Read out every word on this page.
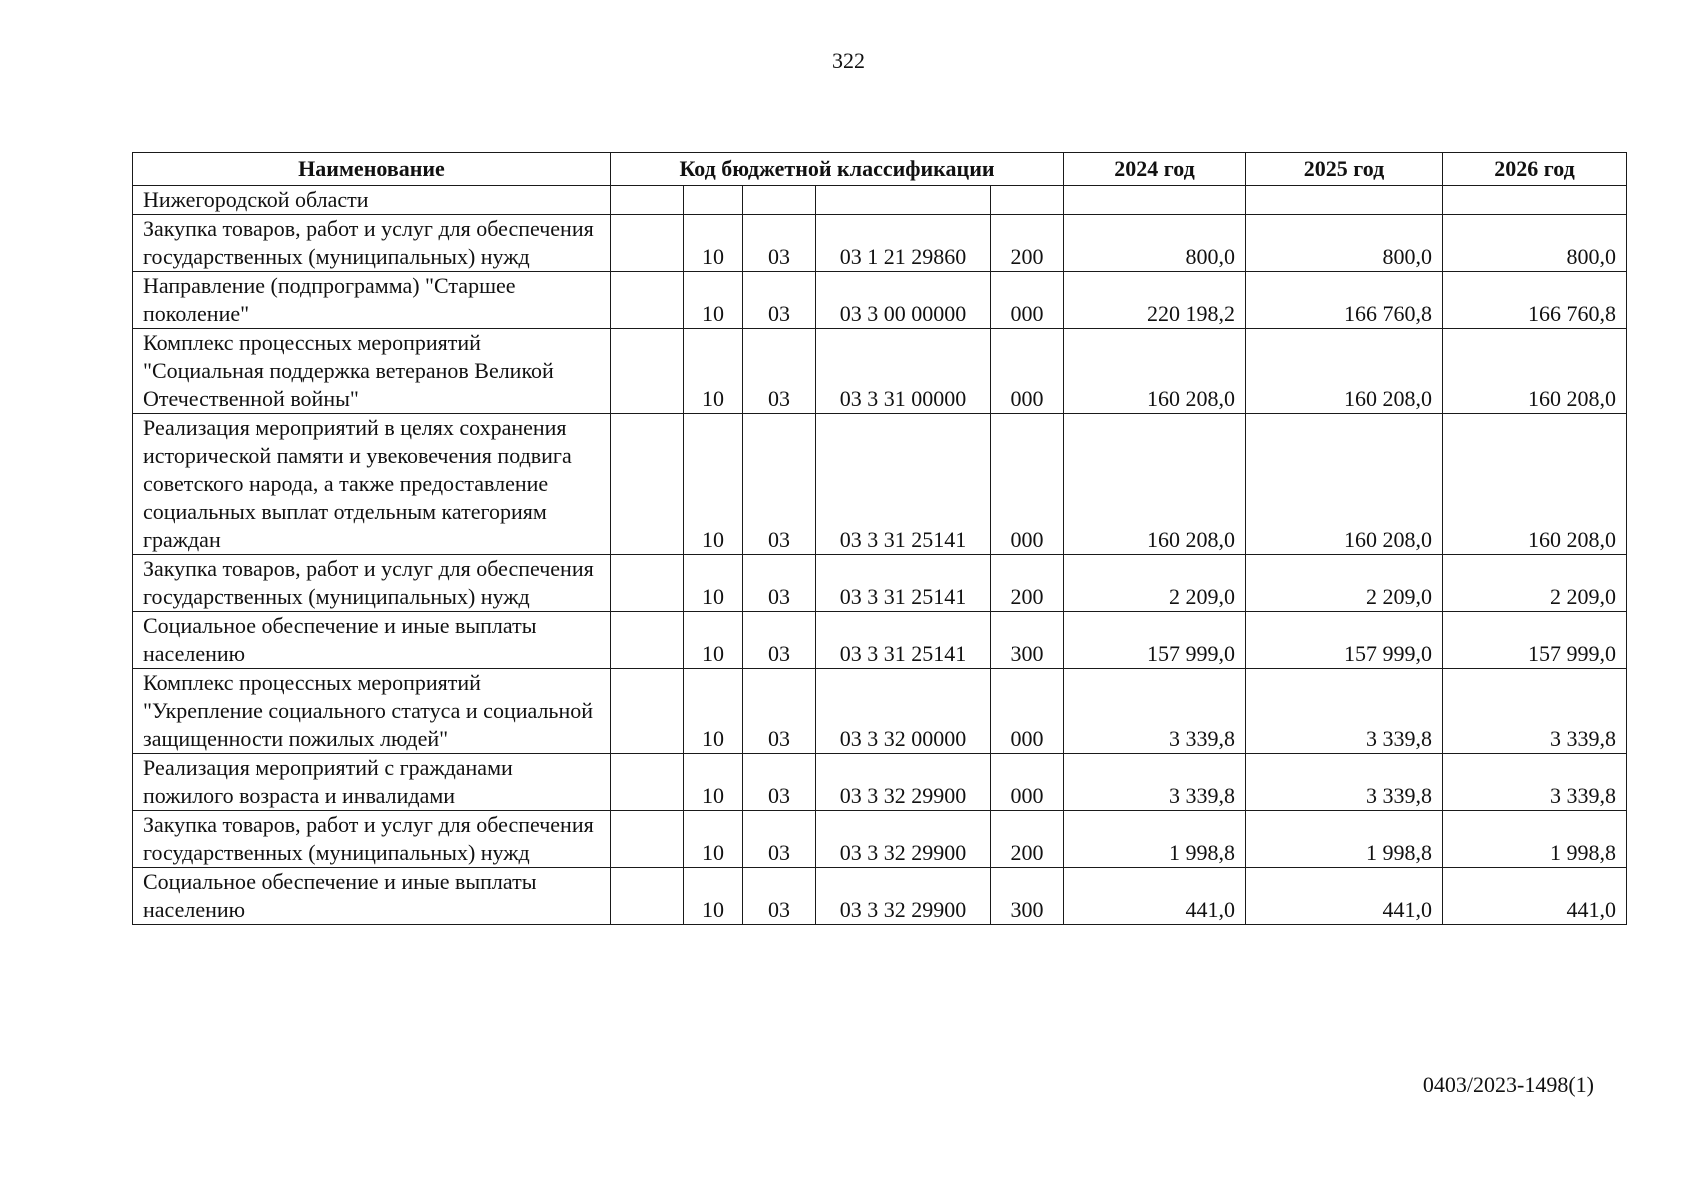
322
Наименование	Код бюджетной классификации					2024 год	2025 год	2026 год
Нижегородской области								
Закупка товаров, работ и услуг для обеспечения государственных (муниципальных) нужд		10	03	03 1 21 29860	200	800,0	800,0	800,0
Направление (подпрограмма) "Старшее поколение"		10	03	03 3 00 00000	000	220 198,2	166 760,8	166 760,8
Комплекс процессных мероприятий "Социальная поддержка ветеранов Великой Отечественной войны"		10	03	03 3 31 00000	000	160 208,0	160 208,0	160 208,0
Реализация мероприятий в целях сохранения исторической памяти и увековечения подвига советского народа, а также предоставление социальных выплат отдельным категориям граждан		10	03	03 3 31 25141	000	160 208,0	160 208,0	160 208,0
Закупка товаров, работ и услуг для обеспечения государственных (муниципальных) нужд		10	03	03 3 31 25141	200	2 209,0	2 209,0	2 209,0
Социальное обеспечение и иные выплаты населению		10	03	03 3 31 25141	300	157 999,0	157 999,0	157 999,0
Комплекс процессных мероприятий "Укрепление социального статуса и социальной защищенности пожилых людей"		10	03	03 3 32 00000	000	3 339,8	3 339,8	3 339,8
Реализация мероприятий с гражданами пожилого возраста и инвалидами		10	03	03 3 32 29900	000	3 339,8	3 339,8	3 339,8
Закупка товаров, работ и услуг для обеспечения государственных (муниципальных) нужд		10	03	03 3 32 29900	200	1 998,8	1 998,8	1 998,8
Социальное обеспечение и иные выплаты населению		10	03	03 3 32 29900	300	441,0	441,0	441,0
0403/2023-1498(1)
